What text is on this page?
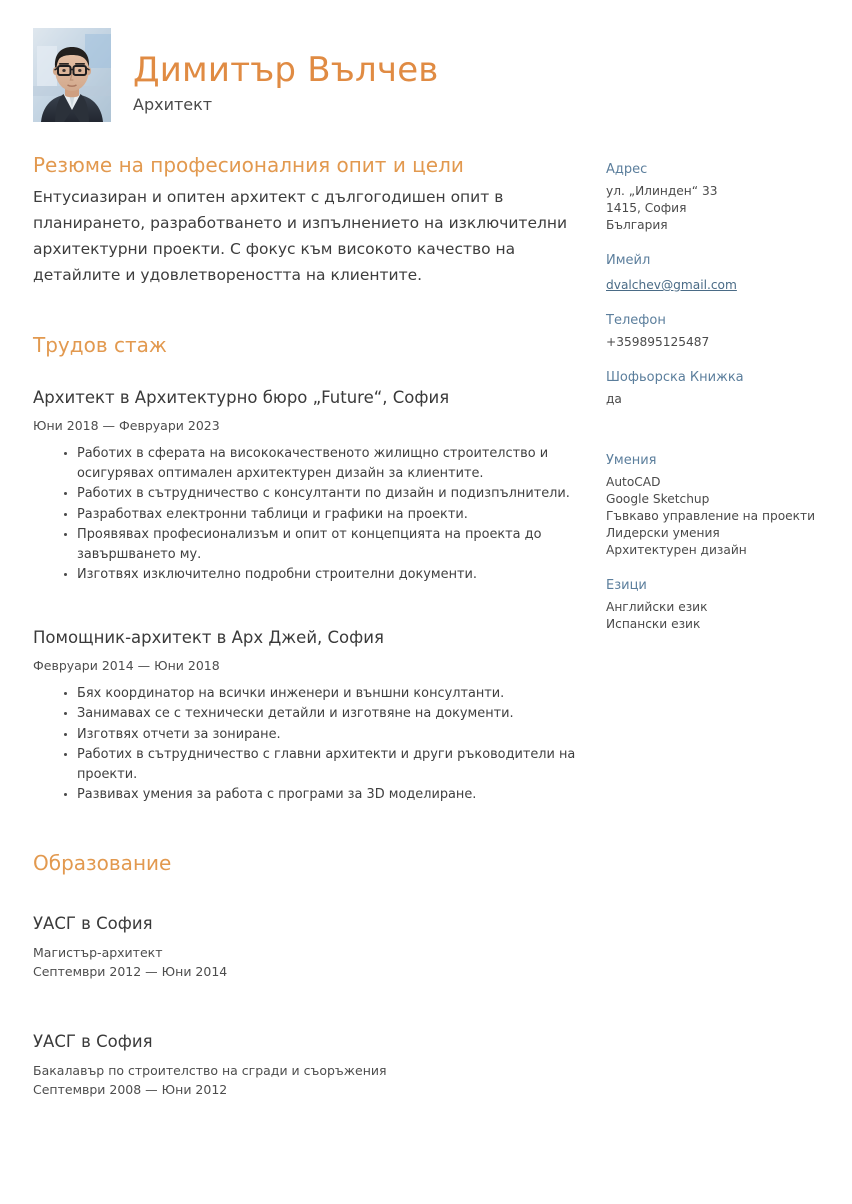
Димитър Вълчев
Архитект
Резюме на професионалния опит и цели

Ентусиазиран и опитен архитект с дългогодишен опит в планирането, разработването и изпълнението на изключителни архитектурни проекти. С фокус към високото качество на детайлите и удовлетвореността на клиентите.

Трудов стаж
Архитект в Архитектурно бюро „Future“, София

Юни 2018 — Февруари 2023

Работих в сферата на висококачественото жилищно строителство и осигурявах оптимален архитектурен дизайн за клиентите.
Работих в сътрудничество с консултанти по дизайн и подизпълнители.
Разработвах електронни таблици и графики на проекти.
Проявявах професионализъм и опит от концепцията на проекта до завършването му.
Изготвях изключително подробни строителни документи.
Помощник-архитект в Арх Джей, София

Февруари 2014 — Юни 2018

Бях координатор на всички инженери и външни консултанти.
Занимавах се с технически детайли и изготвяне на документи.
Изготвях отчети за зониране.
Работих в сътрудничество с главни архитекти и други ръководители на проекти.
Развивах умения за работа с програми за 3D моделиране.
Образование
УАСГ в София

Магистър-архитект

Септември 2012 — Юни 2014

УАСГ в София

Бакалавър по строителство на сгради и съоръжения

Септември 2008 — Юни 2012

Адрес

ул. „Илинден“ 33

1415, София

България

Имейл
dvalchev@gmail.com
Телефон

+359895125487

Шофьорска Книжка

да

Умения

AutoCAD

Google Sketchup

Гъвкаво управление на проекти

Лидерски умения

Архитектурен дизайн

Езици

Английски език

Испански език
